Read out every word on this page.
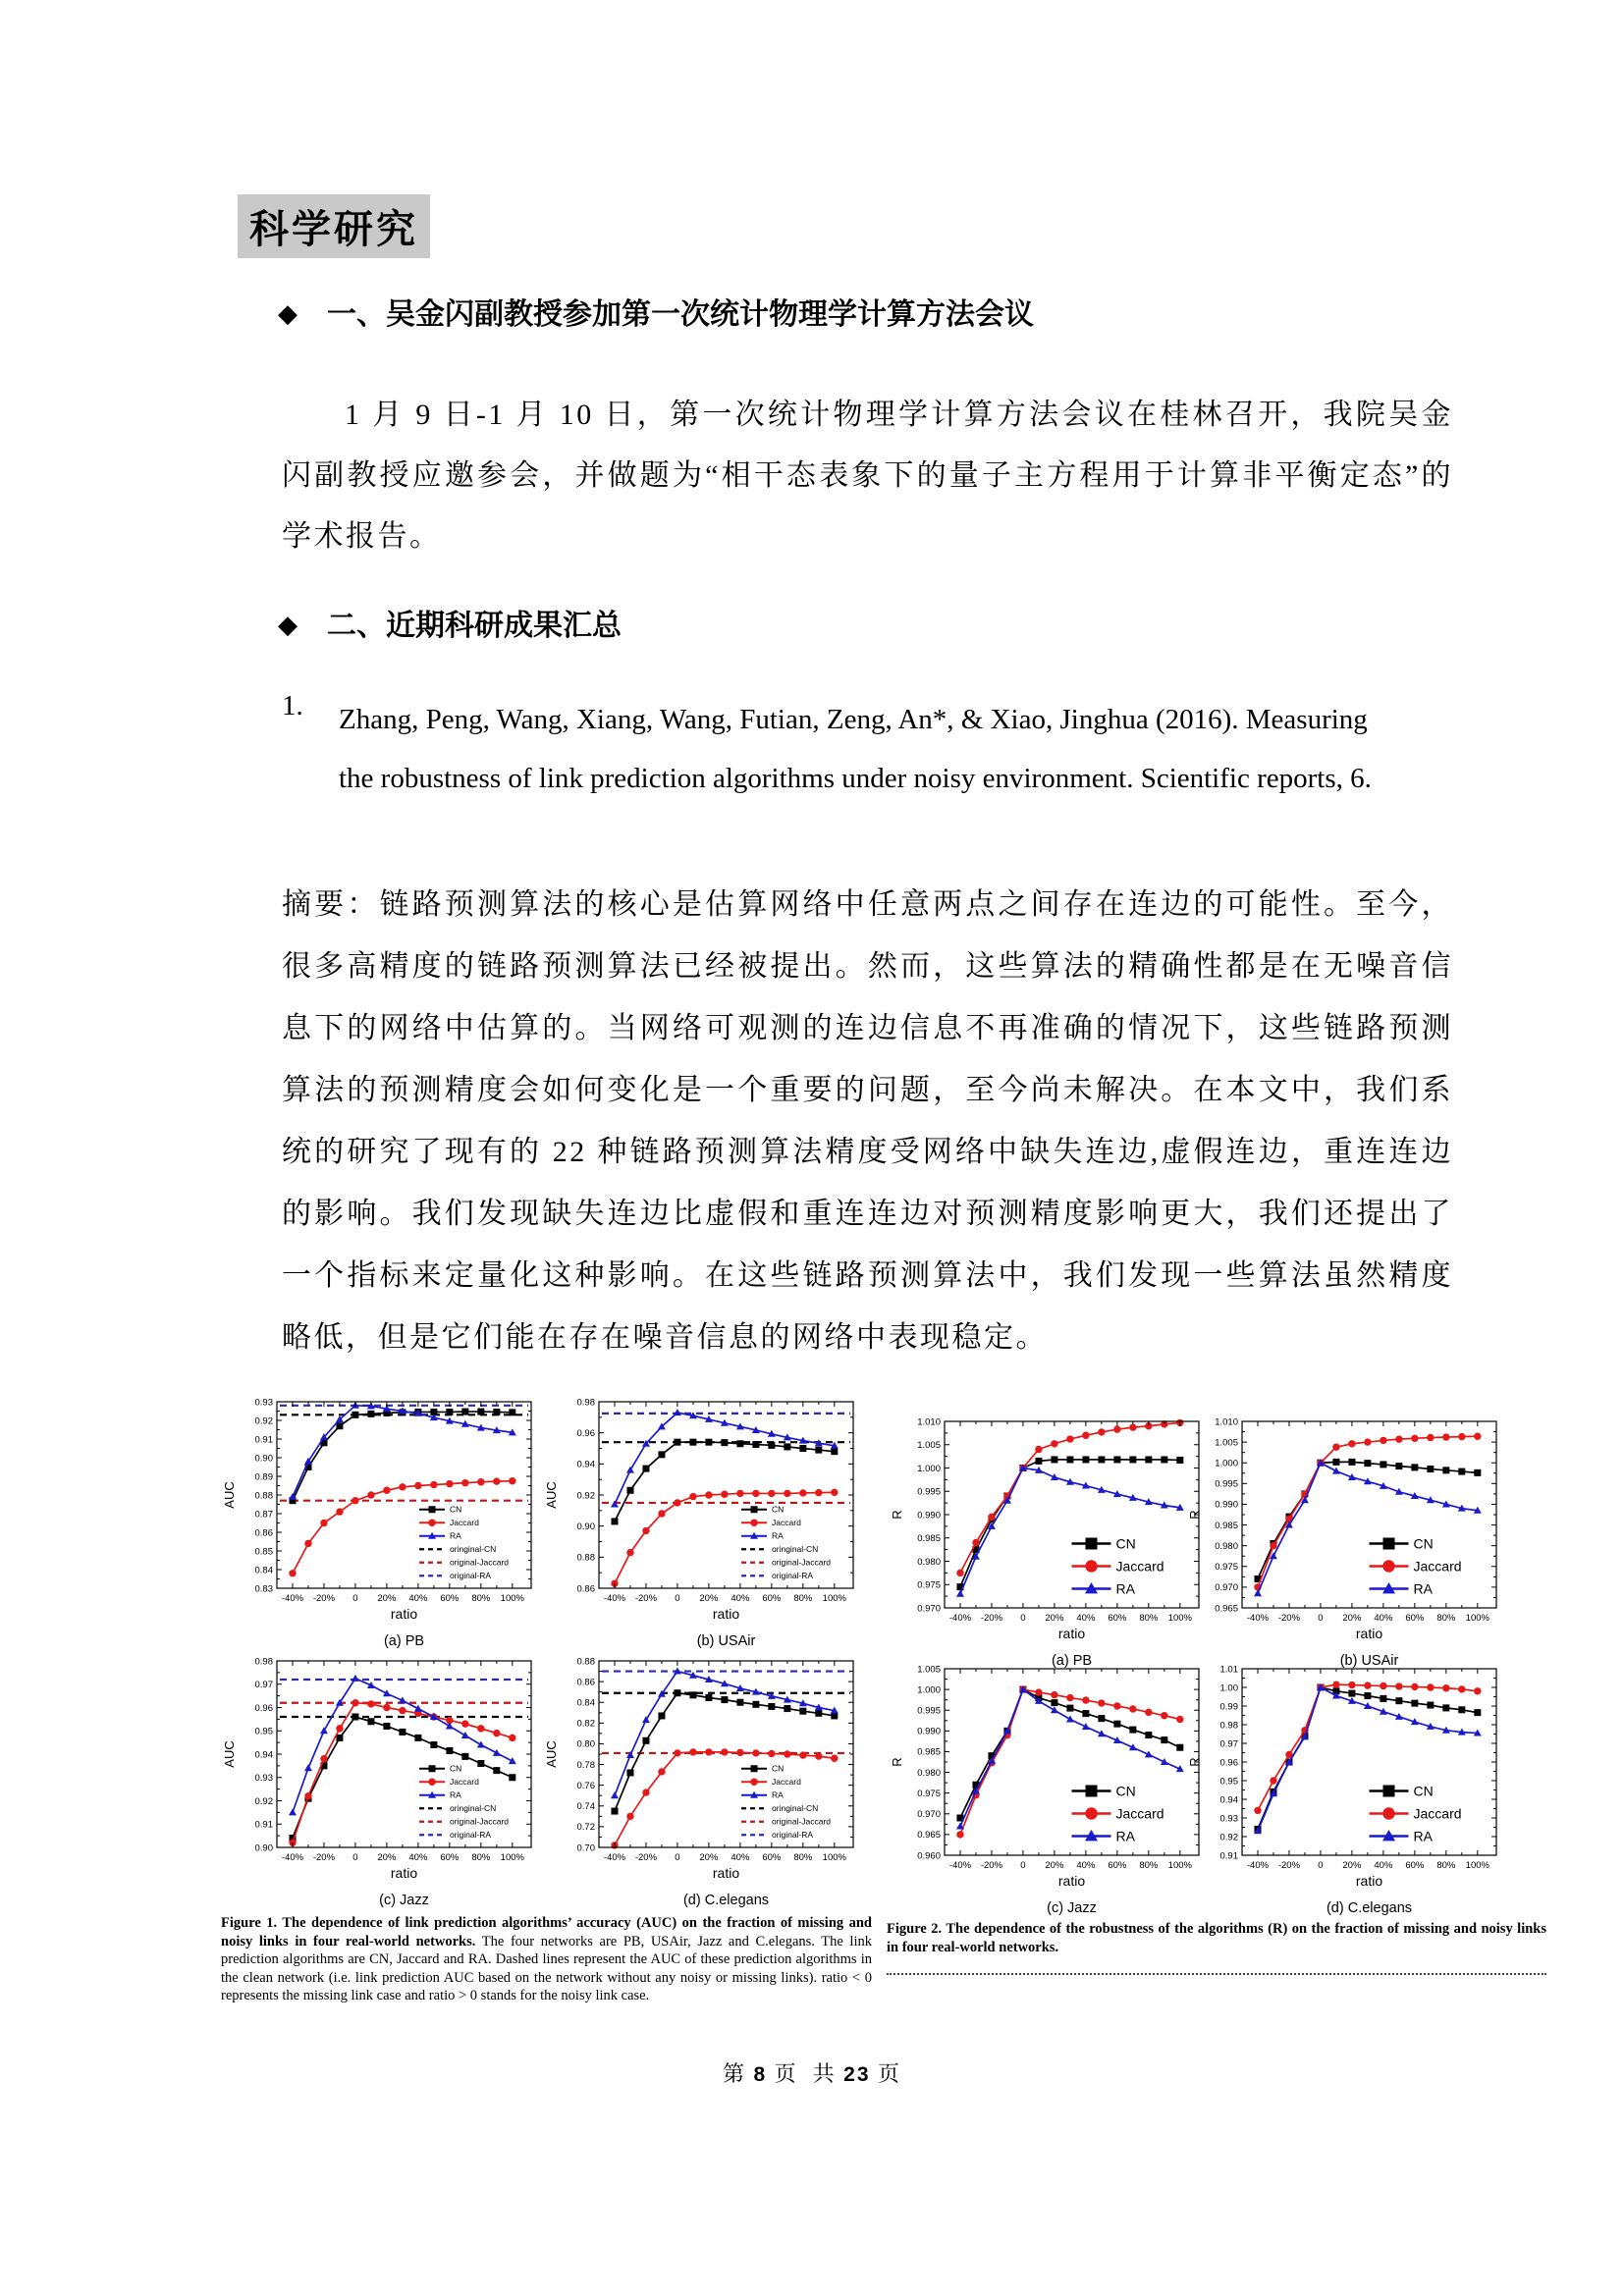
科学研究
◆ 一、吴金闪副教授参加第一次统计物理学计算方法会议

1 月 9 日-1 月 10 日，第一次统计物理学计算方法会议在桂林召开，我院吴金闪副教授应邀参会，并做题为“相干态表象下的量子主方程用于计算非平衡定态”的学术报告。

◆ 二、近期科研成果汇总
1.	Zhang, Peng, Wang, Xiang, Wang, Futian, Zeng, An*, & Xiao, Jinghua (2016). Measuring the robustness of link prediction algorithms under noisy environment. Scientific reports, 6.

摘要：链路预测算法的核心是估算网络中任意两点之间存在连边的可能性。至今，很多高精度的链路预测算法已经被提出。然而，这些算法的精确性都是在无噪音信息下的网络中估算的。当网络可观测的连边信息不再准确的情况下，这些链路预测算法的预测精度会如何变化是一个重要的问题，至今尚未解决。在本文中，我们系统的研究了现有的 22 种链路预测算法精度受网络中缺失连边,虚假连边，重连连边的影响。我们发现缺失连边比虚假和重连连边对预测精度影响更大，我们还提出了一个指标来定量化这种影响。在这些链路预测算法中，我们发现一些算法虽然精度略低，但是它们能在存在噪音信息的网络中表现稳定。

-40% -20% 0 20% 40% 60% 80% 100%
0.83
0.84
0.85
0.86
0.87
0.88
0.89
0.90
0.91
0.92
0.93
ratio
(a) PB
AUC
CN
Jaccard
RA
oringinal-CN
original-Jaccard
original-RA
-40% -20% 0 20% 40% 60% 80% 100%
0.86
0.88
0.90
0.92
0.94
0.96
0.98
ratio
(b) USAir
AUC
CN
Jaccard
RA
oringinal-CN
original-Jaccard
original-RA
-40% -20% 0 20% 40% 60% 80% 100%
0.90
0.91
0.92
0.93
0.94
0.95
0.96
0.97
0.98
ratio
(c) Jazz
AUC
CN
Jaccard
RA
oringinal-CN
original-Jaccard
original-RA
-40% -20% 0 20% 40% 60% 80% 100%
0.70
0.72
0.74
0.76
0.78
0.80
0.82
0.84
0.86
0.88
ratio
(d) C.elegans
AUC
CN
Jaccard
RA
oringinal-CN
original-Jaccard
original-RA
-40% -20% 0 20% 40% 60% 80% 100%
0.970
0.975
0.980
0.985
0.990
0.995
1.000
1.005
1.010
ratio
(a) PB
R
CN
Jaccard
RA
-40% -20% 0 20% 40% 60% 80% 100%
0.965
0.970
0.975
0.980
0.985
0.990
0.995
1.000
1.005
1.010
ratio
(b) USAir
R
CN
Jaccard
RA
-40% -20% 0 20% 40% 60% 80% 100%
0.960
0.965
0.970
0.975
0.980
0.985
0.990
0.995
1.000
1.005
ratio
(c) Jazz
R
CN
Jaccard
RA
-40% -20% 0 20% 40% 60% 80% 100%
0.91
0.92
0.93
0.94
0.95
0.96
0.97
0.98
0.99
1.00
1.01
ratio
(d) C.elegans
R
CN
Jaccard
RA
Figure 1. The dependence of link prediction algorithms’ accuracy (AUC) on the fraction of missing and noisy links in four real-world networks. The four networks are PB, USAir, Jazz and C.elegans. The link prediction algorithms are CN, Jaccard and RA. Dashed lines represent the AUC of these prediction algorithms in the clean network (i.e. link prediction AUC based on the network without any noisy or missing links). ratio < 0 represents the missing link case and ratio > 0 stands for the noisy link case.
Figure 2. The dependence of the robustness of the algorithms (R) on the fraction of missing and noisy links in four real-world networks.
第 8 页 共 23 页
